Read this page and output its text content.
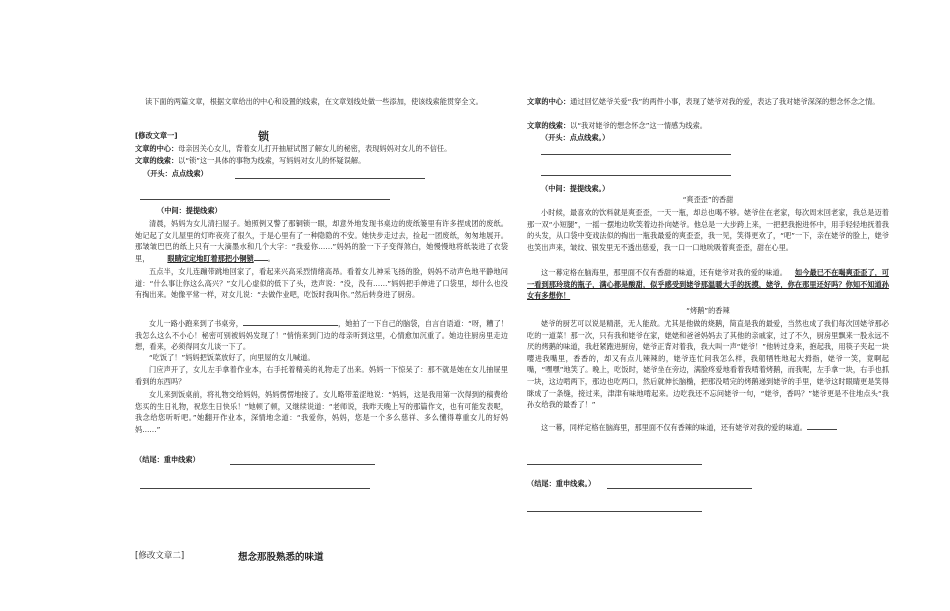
读下面的两篇文章，根据文章给出的中心和设置的线索，在文章划线处做一些添加，使该线索能贯穿全文。
[修改文章一]	锁
文章的中心：母亲因关心女儿，背着女儿打开抽屉试图了解女儿的秘密，表现妈妈对女儿的不信任。
文章的线索：以“锁”这一具体的事物为线索，写妈妈对女儿的怀疑误解。
（开头：点点线索）
（中间：提提线索）
清晨，妈妈为女儿清扫屋子。她照例又警了那铜锁一眼，却意外地发现书桌边的废纸篓里有许多捏成团的废纸。她记起了女儿屋里的灯昨夜亮了很久，于是心里有了一种隐隐的不安。她快步走过去，捡起一团废纸，匆匆地展开。那皱皱巴巴的纸上只有一大滴墨水和几个大字：“我爱你……”妈妈的脸一下子变得煞白，她慢慢地将纸装进了衣袋里，	眼睛定定地盯着那把小铜锁 。
五点半，女儿连蹦带跳地回家了，看起来兴高采烈情绪高昂。看着女儿神采飞扬的脸，妈妈不动声色地平静地问道：“什么事让你这么高兴？”女儿心虚似的低下了头，迭声说：“没，没有……”妈妈把手伸进了口袋里，却什么也没有掏出来。她像平常一样，对女儿说：“去做作业吧，吃饭时我叫你。”然后转身进了厨房。
女儿一路小跑来到了书桌旁，	，她拍了一下自己的脑袋，自言自语道：“呀，糟了！我怎么这么不小心！秘密可别被妈妈发现了！”悄悄来到门边的母亲听到这里，心情愈加沉重了。她边往厨房里走边想，看来，必须得同女儿谈一下了。
“吃饭了！”妈妈把饭菜放好了，向里屋的女儿喊道。
门应声开了，女儿左手拿着作业本，右手托着精美的礼物走了出来。妈妈一下惊呆了：那不就是她在女儿抽屉里看到的东西吗？
女儿来到饭桌前，将礼物交给妈妈，妈妈愣愣地接了。女儿略带羞涩地说：“妈妈，这是我用第一次得到的稿费给您买的生日礼物，祝您生日快乐！”她顿了顿，又继续说道：“老师说，我昨天晚上写的那篇作文，也有可能发表呢，我念给您听听吧。”她翻开作业本，深情地念道：“我爱你，妈妈，您是一个多么慈祥、多么懂得尊重女儿的好妈妈……”
（结尾：重申线索）
[修改文章二]	想念那股熟悉的味道
文章的中心：通过回忆姥爷关爱“我”的两件小事，表现了姥爷对我的爱，表达了我对姥爷深深的想念怀念之情。
文章的线索：以“我对姥爷的想念怀念”这一情感为线索。
（开头：点点线索。）
（中间：提提线索。）
“爽歪歪”的香甜
小时候，最喜欢的饮料就是爽歪歪，一天一瓶，却总也喝不够。姥爷住在老家，每次周末回老家，我总是迈着那一双“小短腿”，一摇一摆地边吹笑着边扑向姥爷。他总是一大步跨上来，一把把我抱进怀中，用手轻轻地抚着我的头发，从口袋中变戏法似的掏出一瓶我最爱的爽歪歪，我一见，笑得更欢了，“吧”一下，亲在姥爷的脸上，姥爷也笑出声来，皱纹、银发里无不透出慈爱，我一口一口地吮吸着爽歪歪，甜在心里。
这一幕定格在脑海里，那里面不仅有香甜的味道，还有姥爷对我的爱的味道。 如今最已不在喝爽歪歪了，可一看到那玲珑的瓶子，满心都是酸甜，似乎感受到姥爷那温暖大手的抚摸，姥爷，你在那里还好吗？你知不知道孙女有多想你！
“烤鹅”的香辣
姥爷的厨艺可以说是精湛，无人能敌。尤其是他做的烧鹅，简直是我的最爱，当然也成了我们每次回姥爷那必吃的一道菜！那一次，只有我和姥爷在家，姥姥和爸爸妈妈去了其他的亲戚家，过了不久，厨房里飘来一股永远不厌的烤鹅的味道，我赶紧跑进厨房，姥爷正背对着我，我大叫一声“姥爷！”他转过身来，抱起我，用筷子夹起一块嘤进我嘴里，香香的，却又有点儿辣辣的，姥爷连忙问我怎么样，我舠牺牲地起大拇指，姥爷一笑，竟啊起嘴，“嘿嘿”地笑了。晚上，吃饭时，姥爷坐在旁边，满脸疼爱地看着我啃着烤鹅，而我呢，左手拿一块，右手也抓一块，这边啃两下，那边也吃两口，然后就伸长脑椭，把那没啃完的烤鹅递到姥爷的手里，姥爷这时眼睛更是笑得眯成了一条缝，接过来，津津有味地啃起来。边吃我还不忘问姥爷一句，“姥爷，香吗？”姥爷更是不住地点头“我孙女给我的最香了！”
这一幕，同样定格在脑海里，那里面不仅有香辣的味道，还有姥爷对我的爱的味道。
（结尾：重申线索。）
